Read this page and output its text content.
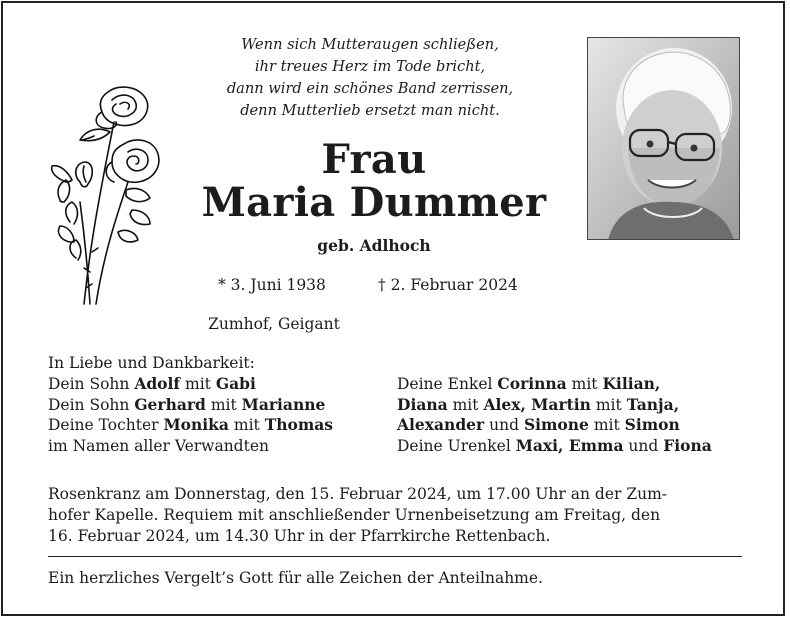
Wenn sich Mutteraugen schließen,
ihr treues Herz im Tode bricht,
dann wird ein schönes Band zerrissen,
denn Mutterlieb ersetzt man nicht.
Frau
Maria Dummer
geb. Adlhoch
* 3. Juni 1938	† 2. Februar 2024
Zumhof, Geigant
In Liebe und Dankbarkeit:
Dein Sohn Adolf mit Gabi
Dein Sohn Gerhard mit Marianne
Deine Tochter Monika mit Thomas
im Namen aller Verwandten
Deine Enkel Corinna mit Kilian,
Diana mit Alex, Martin mit Tanja,
Alexander und Simone mit Simon
Deine Urenkel Maxi, Emma und Fiona
Rosenkranz am Donnerstag, den 15. Februar 2024, um 17.00 Uhr an der Zum-
hofer Kapelle. Requiem mit anschließender Urnenbeisetzung am Freitag, den
16. Februar 2024, um 14.30 Uhr in der Pfarrkirche Rettenbach.
Ein herzliches Vergelt’s Gott für alle Zeichen der Anteilnahme.
